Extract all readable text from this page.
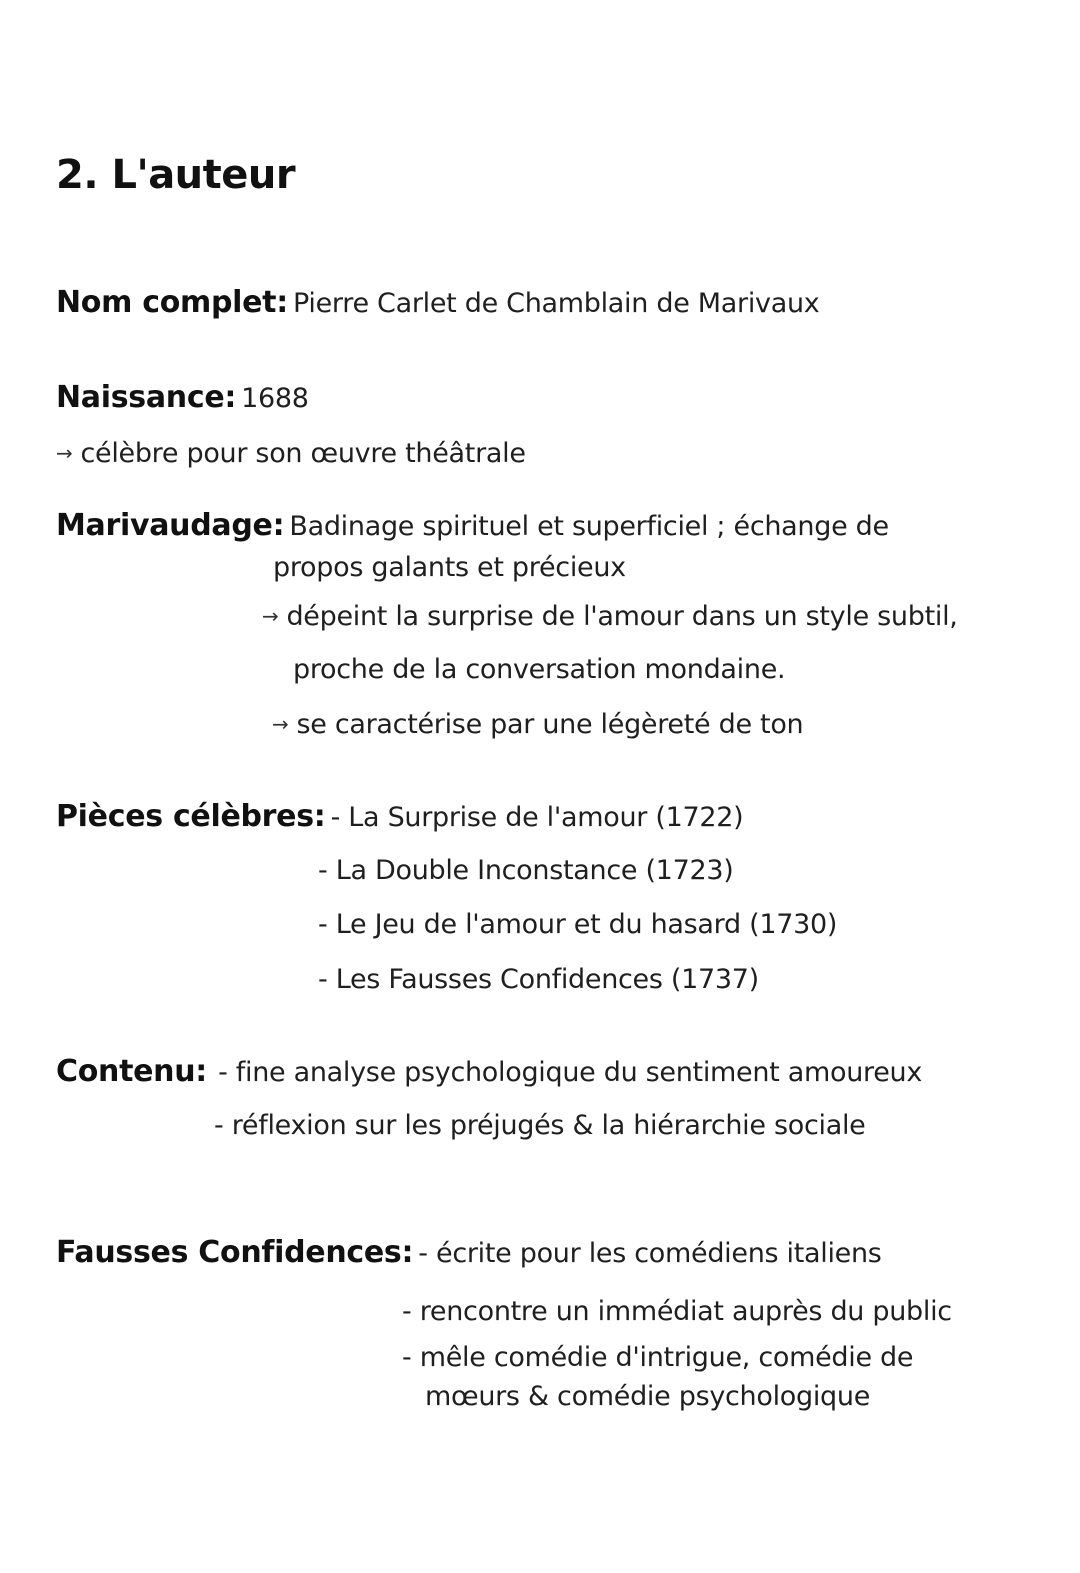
2. L'auteur
Nom complet: Pierre Carlet de Chamblain de Marivaux
Naissance: 1688
→ célèbre pour son œuvre théâtrale
Marivaudage: Badinage spirituel et superficiel ; échange de
propos galants et précieux
→ dépeint la surprise de l'amour dans un style subtil,
proche de la conversation mondaine.
→ se caractérise par une légèreté de ton
Pièces célèbres: - La Surprise de l'amour (1722)
- La Double Inconstance (1723)
- Le Jeu de l'amour et du hasard (1730)
- Les Fausses Confidences (1737)
Contenu: - fine analyse psychologique du sentiment amoureux
- réflexion sur les préjugés & la hiérarchie sociale
Fausses Confidences: - écrite pour les comédiens italiens
- rencontre un immédiat auprès du public
- mêle comédie d'intrigue, comédie de
mœurs & comédie psychologique
